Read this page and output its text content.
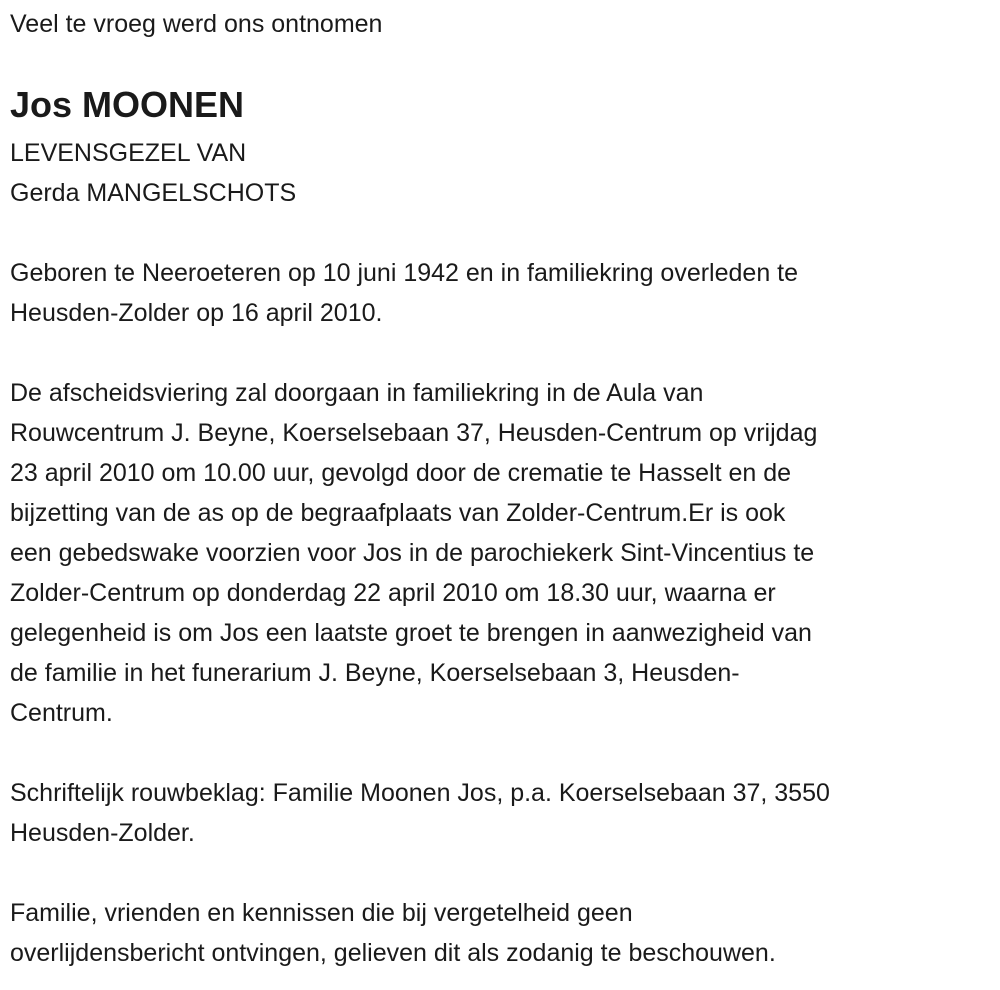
Veel te vroeg werd ons ontnomen
Jos MOONEN
LEVENSGEZEL VAN
Gerda MANGELSCHOTS
Geboren te Neeroeteren op 10 juni 1942 en in familiekring overleden te
Heusden-Zolder op 16 april 2010.
De afscheidsviering zal doorgaan in familiekring in de Aula van
Rouwcentrum J. Beyne, Koerselsebaan 37, Heusden-Centrum op vrijdag
23 april 2010 om 10.00 uur, gevolgd door de crematie te Hasselt en de
bijzetting van de as op de begraafplaats van Zolder-Centrum.Er is ook
een gebedswake voorzien voor Jos in de parochiekerk Sint-Vincentius te
Zolder-Centrum op donderdag 22 april 2010 om 18.30 uur, waarna er
gelegenheid is om Jos een laatste groet te brengen in aanwezigheid van
de familie in het funerarium J. Beyne, Koerselsebaan 3, Heusden-
Centrum.
Schriftelijk rouwbeklag: Familie Moonen Jos, p.a. Koerselsebaan 37, 3550
Heusden-Zolder.
Familie, vrienden en kennissen die bij vergetelheid geen
overlijdensbericht ontvingen, gelieven dit als zodanig te beschouwen.
